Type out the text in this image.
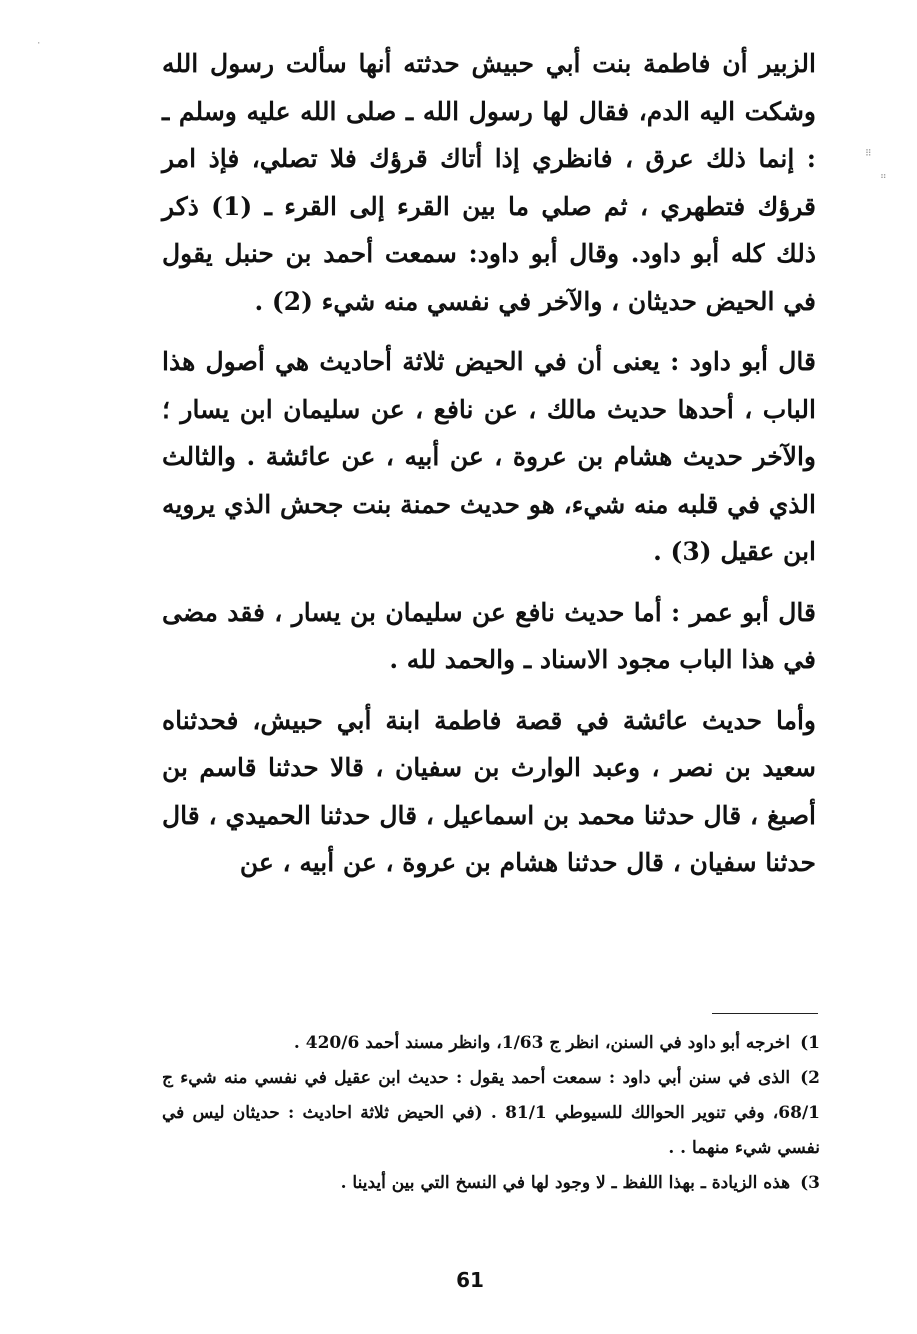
الزبير أن فاطمة بنت أبي حبيش حدثته أنها سألت رسول الله وشكت اليه الدم، فقال لها رسول الله ـ صلى الله عليه وسلم ـ : إنما ذلك عرق ، فانظري إذا أتاك قرؤك فلا تصلي، فإذ امر قرؤك فتطهري ، ثم صلي ما بين القرء إلى القرء ـ (1) ذكر ذلك كله أبو داود. وقال أبو داود: سمعت أحمد بن حنبل يقول في الحيض حديثان ، والآخر في نفسي منه شيء (2) .

قال أبو داود : يعنى أن في الحيض ثلاثة أحاديث هي أصول هذا الباب ، أحدها حديث مالك ، عن نافع ، عن سليمان ابن يسار ؛ والآخر حديث هشام بن عروة ، عن أبيه ، عن عائشة . والثالث الذي في قلبه منه شيء، هو حديث حمنة بنت جحش الذي يرويه ابن عقيل (3) .

قال أبو عمر : أما حديث نافع عن سليمان بن يسار ، فقد مضى في هذا الباب مجود الاسناد ـ والحمد لله .

وأما حديث عائشة في قصة فاطمة ابنة أبي حبيش، فحدثناه سعيد بن نصر ، وعبد الوارث بن سفيان ، قالا حدثنا قاسم بن أصبغ ، قال حدثنا محمد بن اسماعيل ، قال حدثنا الحميدي ، قال حدثنا سفيان ، قال حدثنا هشام بن عروة ، عن أبيه ، عن

1)اخرجه أبو داود في السنن، انظر ج 1/63، وانظر مسند أحمد 420/6 .

2)الذى في سنن أبي داود : سمعت أحمد يقول : حديث ابن عقيل في نفسي منه شيء ج 68/1، وفي تنوير الحوالك للسيوطي 81/1 . (في الحيض ثلاثة احاديث : حديثان ليس في نفسي شيء منهما . .

3)هذه الزيادة ـ بهذا اللفظ ـ لا وجود لها في النسخ التي بين أيدينا .

61
⠿
⠛
·
